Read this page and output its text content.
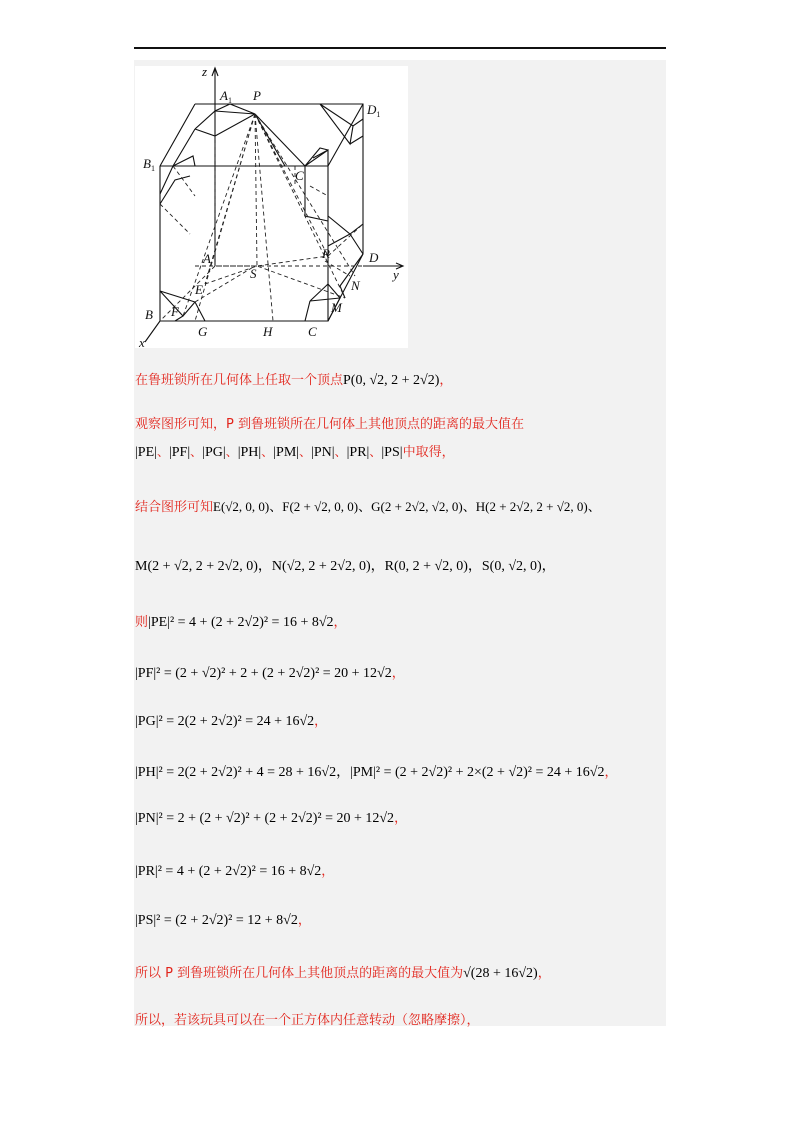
z
y
x
$A_1$ P
$D_1$
$B_1$	C
A
S
R	D
E	N
M
B F
G	H	C
在鲁班锁所在几何体上任取一个顶点P(0, √2, 2 + 2√2)，
观察图形可知，P 到鲁班锁所在几何体上其他顶点的距离的最大值在
|PE|、|PF|、|PG|、|PH|、|PM|、|PN|、|PR|、|PS|中取得，
结合图形可知E(√2, 0, 0)、F(2 + √2, 0, 0)、G(2 + 2√2, √2, 0)、H(2 + 2√2, 2 + √2, 0)、
M(2 + √2, 2 + 2√2, 0)，N(√2, 2 + 2√2, 0)，R(0, 2 + √2, 0)，S(0, √2, 0)，
则|PE|² = 4 + (2 + 2√2)² = 16 + 8√2，
|PF|² = (2 + √2)² + 2 + (2 + 2√2)² = 20 + 12√2，
|PG|² = 2(2 + 2√2)² = 24 + 16√2，
|PH|² = 2(2 + 2√2)² + 4 = 28 + 16√2，|PM|² = (2 + 2√2)² + 2×(2 + √2)² = 24 + 16√2，
|PN|² = 2 + (2 + √2)² + (2 + 2√2)² = 20 + 12√2，
|PR|² = 4 + (2 + 2√2)² = 16 + 8√2，
|PS|² = (2 + 2√2)² = 12 + 8√2，
所以 P 到鲁班锁所在几何体上其他顶点的距离的最大值为√(28 + 16√2)，
所以，若该玩具可以在一个正方体内任意转动（忽略摩擦），
